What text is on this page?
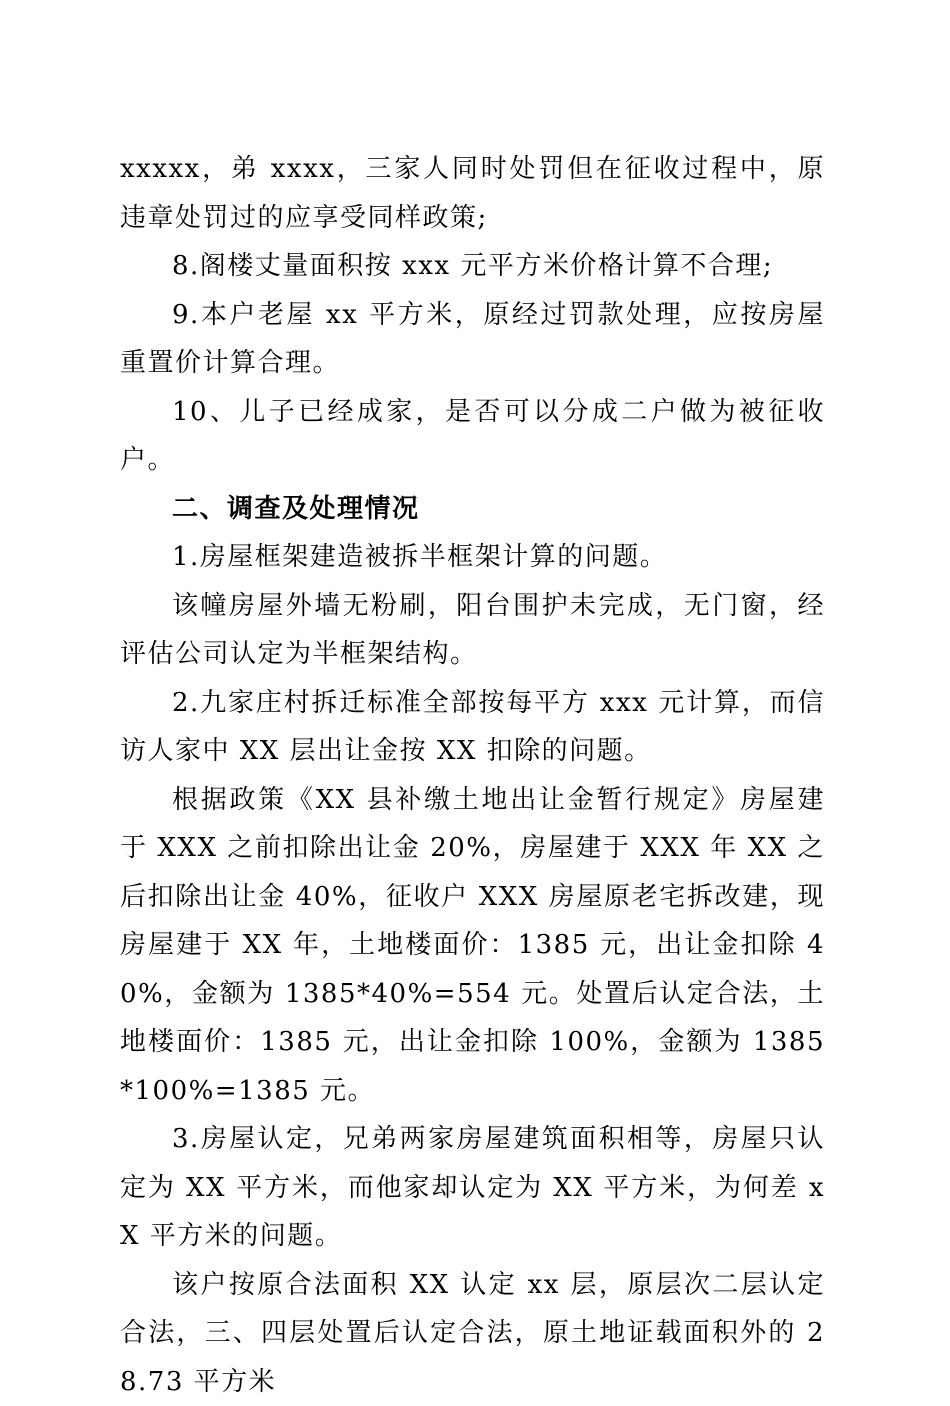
xxxxx，弟 xxxx，三家人同时处罚但在征收过程中，原违章处罚过的应享受同样政策;

8.阁楼丈量面积按 xxx 元平方米价格计算不合理;

9.本户老屋 xx 平方米，原经过罚款处理，应按房屋重置价计算合理。

10、儿子已经成家，是否可以分成二户做为被征收户。

二、调查及处理情况

1.房屋框架建造被拆半框架计算的问题。

该幢房屋外墙无粉刷，阳台围护未完成，无门窗，经评估公司认定为半框架结构。

2.九家庄村拆迁标准全部按每平方 xxx 元计算，而信访人家中 XX 层出让金按 XX 扣除的问题。

根据政策《XX 县补缴土地出让金暂行规定》房屋建于 XXX 之前扣除出让金 20%，房屋建于 XXX 年 XX 之后扣除出让金 40%，征收户 XXX 房屋原老宅拆改建，现房屋建于 XX 年，土地楼面价：1385 元，出让金扣除 40%，金额为 1385*40%=554 元。处置后认定合法，土地楼面价：1385 元，出让金扣除 100%，金额为 1385*100%=1385 元。

3.房屋认定，兄弟两家房屋建筑面积相等，房屋只认定为 XX 平方米，而他家却认定为 XX 平方米，为何差 xX 平方米的问题。

该户按原合法面积 XX 认定 xx 层，原层次二层认定合法，三、四层处置后认定合法，原土地证载面积外的 28.73 平方米
